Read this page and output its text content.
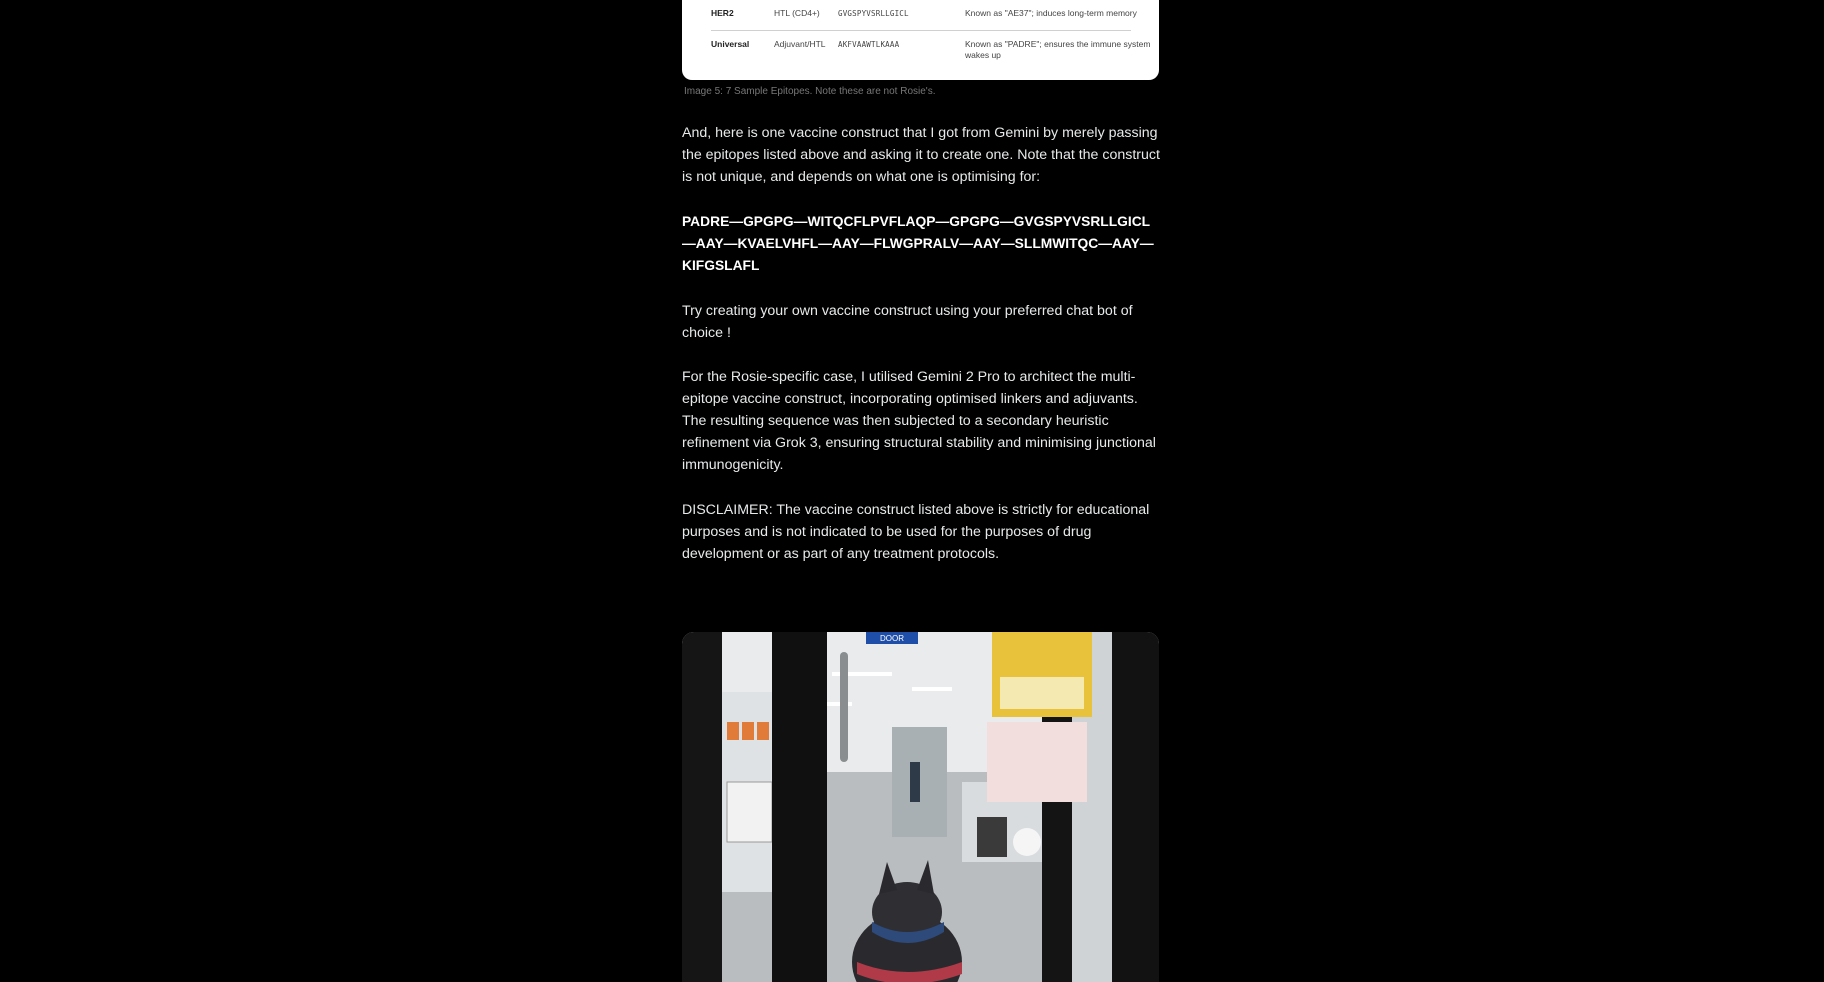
HER2	HTL (CD4+)	GVGSPYVSRLLGICL	Known as "AE37"; induces long-term memory
Universal	Adjuvant/HTL	AKFVAAWTLKAAA	Known as "PADRE"; ensures the immune system wakes up
Image 5: 7 Sample Epitopes. Note these are not Rosie's.

And, here is one vaccine construct that I got from Gemini by merely passing the epitopes listed above and asking it to create one. Note that the construct is not unique, and depends on what one is optimising for:

PADRE—GPGPG—WITQCFLPVFLAQP—GPGPG—GVGSPYVSRLLGICL—AAY—KVAELVHFL—AAY—FLWGPRALV—AAY—SLLMWITQC—AAY—KIFGSLAFL

Try creating your own vaccine construct using your preferred chat bot of choice !

For the Rosie-specific case, I utilised Gemini 2 Pro to architect the multi-epitope vaccine construct, incorporating optimised linkers and adjuvants. The resulting sequence was then subjected to a secondary heuristic refinement via Grok 3, ensuring structural stability and minimising junctional immunogenicity.

DISCLAIMER: The vaccine construct listed above is strictly for educational purposes and is not indicated to be used for the purposes of drug development or as part of any treatment protocols.

DOOR
